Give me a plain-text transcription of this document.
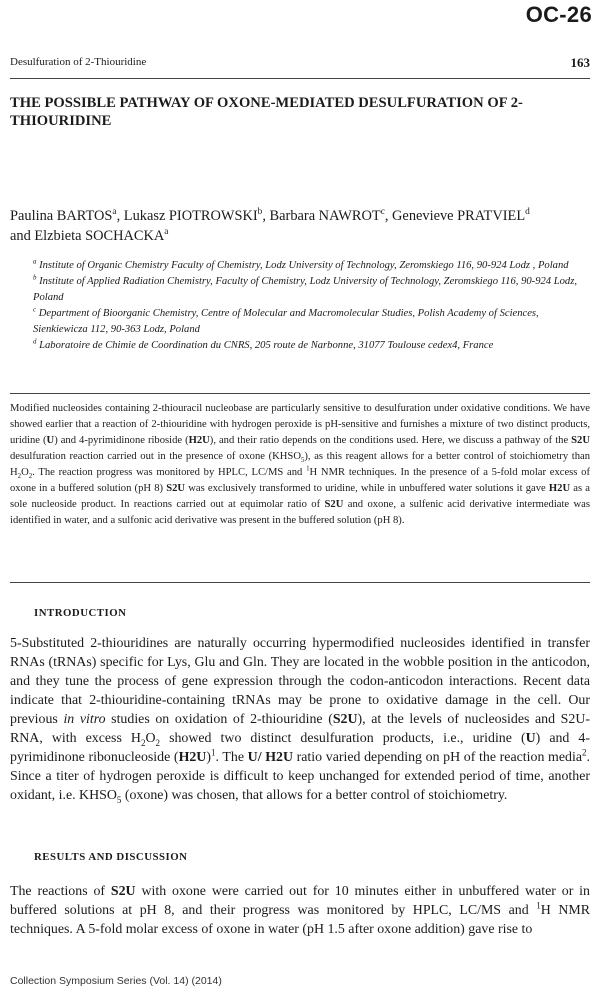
OC-26
Desulfuration of 2-Thiouridine	163
THE POSSIBLE PATHWAY OF OXONE-MEDIATED DESULFURATION OF 2-THIOURIDINE
Paulina BARTOS$^a$, Lukasz PIOTROWSKI$^b$, Barbara NAWROT$^c$, Genevieve PRATVIEL$^d$
and Elzbieta SOCHACKA$^a$

$^a$ Institute of Organic Chemistry Faculty of Chemistry, Lodz University of Technology, Zeromskiego 116, 90-924 Lodz , Poland

$^b$ Institute of Applied Radiation Chemistry, Faculty of Chemistry, Lodz University of Technology, Zeromskiego 116, 90-924 Lodz, Poland

$^c$ Department of Bioorganic Chemistry, Centre of Molecular and Macromolecular Studies, Polish Academy of Sciences, Sienkiewicza 112, 90-363 Lodz, Poland

$^d$ Laboratoire de Chimie de Coordination du CNRS, 205 route de Narbonne, 31077 Toulouse cedex4, France

Modified nucleosides containing 2-thiouracil nucleobase are particularly sensitive to desulfuration under oxidative conditions. We have showed earlier that a reaction of 2-thiouridine with hydrogen peroxide is pH-sensitive and furnishes a mixture of two distinct products, uridine (U) and 4-pyrimidinone riboside (H2U), and their ratio depends on the conditions used. Here, we discuss a pathway of the S2U desulfuration reaction carried out in the presence of oxone $(KHSO_5)$, as this reagent allows for a better control of stoichiometry than $H_2O_2$. The reaction progress was monitored by HPLC, LC/MS and $^1$H NMR techniques. In the presence of a 5-fold molar excess of oxone in a buffered solution (pH 8) S2U was exclusively transformed to uridine, while in unbuffered water solutions it gave H2U as a sole nucleoside product. In reactions carried out at equimolar ratio of S2U and oxone, a sulfenic acid derivative intermediate was identified in water, and a sulfonic acid derivative was present in the buffered solution (pH 8).
INTRODUCTION
5-Substituted 2-thiouridines are naturally occurring hypermodified nucleosides identified in transfer RNAs (tRNAs) specific for Lys, Glu and Gln. They are located in the wobble position in the anticodon, and they tune the process of gene expression through the codon-anticodon interactions. Recent data indicate that 2-thiouridine-containing tRNAs may be prone to oxidative damage in the cell. Our previous in vitro studies on oxidation of 2-thiouridine (S2U), at the levels of nucleosides and S2U-RNA, with excess $H_2O_2$ showed two distinct desulfuration products, i.e., uridine (U) and 4-pyrimidinone ribonucleoside $(H2U)^1$. The U/ H2U ratio varied depending on pH of the reaction media$^2$. Since a titer of hydrogen peroxide is difficult to keep unchanged for extended period of time, another oxidant, i.e. $KHSO_5$ (oxone) was chosen, that allows for a better control of stoichiometry.
RESULTS AND DISCUSSION
The reactions of S2U with oxone were carried out for 10 minutes either in unbuffered water or in buffered solutions at pH 8, and their progress was monitored by HPLC, LC/MS and $^1$H NMR techniques. A 5-fold molar excess of oxone in water (pH 1.5 after oxone addition) gave rise to
Collection Symposium Series (Vol. 14) (2014)
